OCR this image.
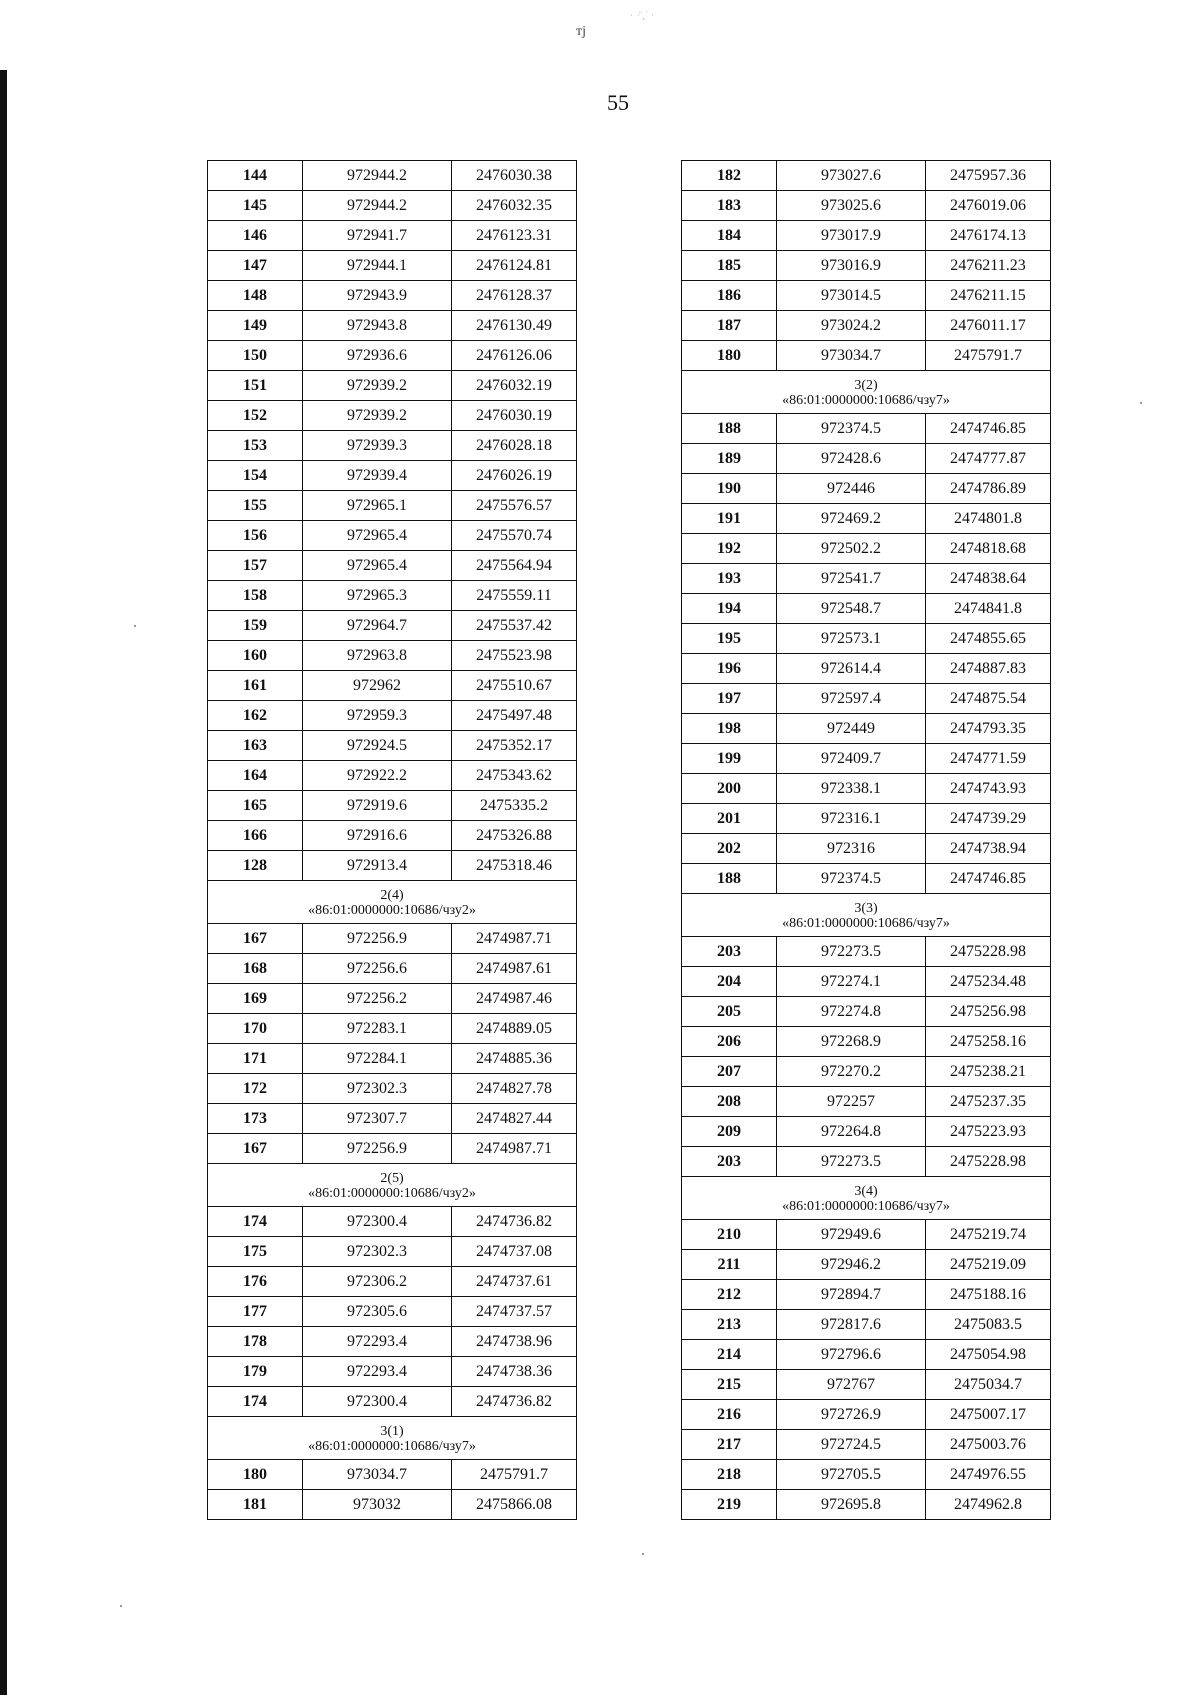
тј
· ·̈ ̧ ̇ ·
55
144	972944.2	2476030.38
145	972944.2	2476032.35
146	972941.7	2476123.31
147	972944.1	2476124.81
148	972943.9	2476128.37
149	972943.8	2476130.49
150	972936.6	2476126.06
151	972939.2	2476032.19
152	972939.2	2476030.19
153	972939.3	2476028.18
154	972939.4	2476026.19
155	972965.1	2475576.57
156	972965.4	2475570.74
157	972965.4	2475564.94
158	972965.3	2475559.11
159	972964.7	2475537.42
160	972963.8	2475523.98
161	972962	2475510.67
162	972959.3	2475497.48
163	972924.5	2475352.17
164	972922.2	2475343.62
165	972919.6	2475335.2
166	972916.6	2475326.88
128	972913.4	2475318.46

2(4)
«86:01:0000000:10686/чзу2»		

167	972256.9	2474987.71
168	972256.6	2474987.61
169	972256.2	2474987.46
170	972283.1	2474889.05
171	972284.1	2474885.36
172	972302.3	2474827.78
173	972307.7	2474827.44
167	972256.9	2474987.71

2(5)
«86:01:0000000:10686/чзу2»		

174	972300.4	2474736.82
175	972302.3	2474737.08
176	972306.2	2474737.61
177	972305.6	2474737.57
178	972293.4	2474738.96
179	972293.4	2474738.36
174	972300.4	2474736.82

3(1)
«86:01:0000000:10686/чзу7»		

180	973034.7	2475791.7
181	973032	2475866.08
182	973027.6	2475957.36
183	973025.6	2476019.06
184	973017.9	2476174.13
185	973016.9	2476211.23
186	973014.5	2476211.15
187	973024.2	2476011.17
180	973034.7	2475791.7

3(2)
«86:01:0000000:10686/чзу7»		

188	972374.5	2474746.85
189	972428.6	2474777.87
190	972446	2474786.89
191	972469.2	2474801.8
192	972502.2	2474818.68
193	972541.7	2474838.64
194	972548.7	2474841.8
195	972573.1	2474855.65
196	972614.4	2474887.83
197	972597.4	2474875.54
198	972449	2474793.35
199	972409.7	2474771.59
200	972338.1	2474743.93
201	972316.1	2474739.29
202	972316	2474738.94
188	972374.5	2474746.85

3(3)
«86:01:0000000:10686/чзу7»		

203	972273.5	2475228.98
204	972274.1	2475234.48
205	972274.8	2475256.98
206	972268.9	2475258.16
207	972270.2	2475238.21
208	972257	2475237.35
209	972264.8	2475223.93
203	972273.5	2475228.98

3(4)
«86:01:0000000:10686/чзу7»		

210	972949.6	2475219.74
211	972946.2	2475219.09
212	972894.7	2475188.16
213	972817.6	2475083.5
214	972796.6	2475054.98
215	972767	2475034.7
216	972726.9	2475007.17
217	972724.5	2475003.76
218	972705.5	2474976.55
219	972695.8	2474962.8
